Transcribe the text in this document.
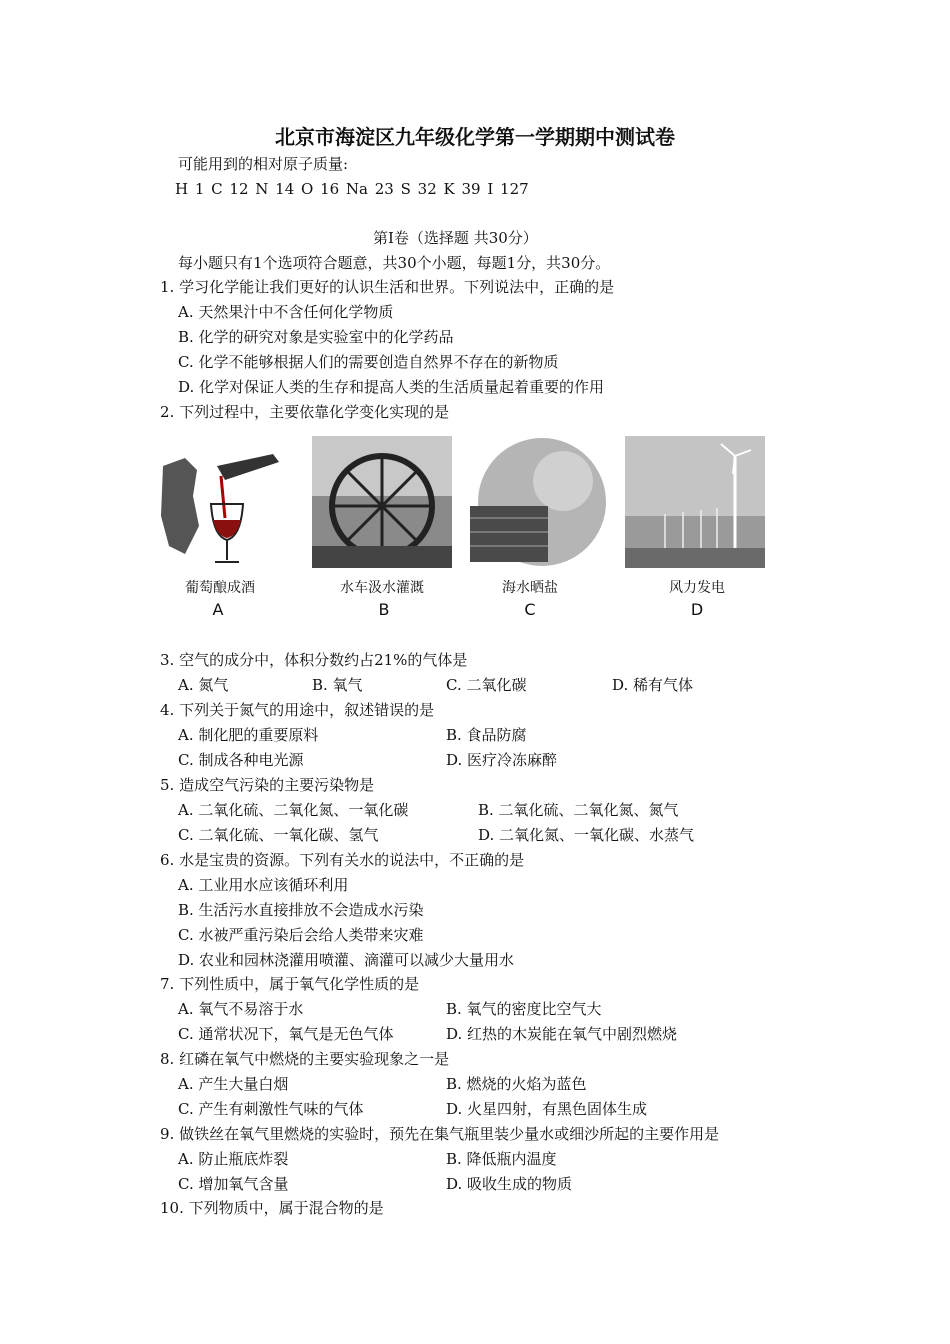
北京市海淀区九年级化学第一学期期中测试卷
可能用到的相对原子质量:
H 1 C 12 N 14 O 16 Na 23 S 32 K 39 I 127
第Ⅰ卷（选择题 共30分）
每小题只有1个选项符合题意，共30个小题，每题1分，共30分。
1. 学习化学能让我们更好的认识生活和世界。下列说法中，正确的是
A. 天然果汁中不含任何化学物质
B. 化学的研究对象是实验室中的化学药品
C. 化学不能够根据人们的需要创造自然界不存在的新物质
D. 化学对保证人类的生存和提高人类的生活质量起着重要的作用
2. 下列过程中，主要依靠化学变化实现的是
葡萄酿成酒
A
水车汲水灌溉
B
海水晒盐
C
风力发电
D
3. 空气的成分中，体积分数约占21%的气体是
A. 氮气	B. 氧气	C. 二氧化碳	D. 稀有气体
4. 下列关于氮气的用途中，叙述错误的是
A. 制化肥的重要原料	B. 食品防腐
C. 制成各种电光源	D. 医疗冷冻麻醉
5. 造成空气污染的主要污染物是
A. 二氧化硫、二氧化氮、一氧化碳	B. 二氧化硫、二氧化氮、氮气
C. 二氧化硫、一氧化碳、氢气	D. 二氧化氮、一氧化碳、水蒸气
6. 水是宝贵的资源。下列有关水的说法中，不正确的是
A. 工业用水应该循环利用
B. 生活污水直接排放不会造成水污染
C. 水被严重污染后会给人类带来灾难
D. 农业和园林浇灌用喷灌、滴灌可以减少大量用水
7. 下列性质中，属于氧气化学性质的是
A. 氧气不易溶于水	B. 氧气的密度比空气大
C. 通常状况下，氧气是无色气体	D. 红热的木炭能在氧气中剧烈燃烧
8. 红磷在氧气中燃烧的主要实验现象之一是
A. 产生大量白烟	B. 燃烧的火焰为蓝色
C. 产生有刺激性气味的气体	D. 火星四射，有黑色固体生成
9. 做铁丝在氧气里燃烧的实验时，预先在集气瓶里装少量水或细沙所起的主要作用是
A. 防止瓶底炸裂	B. 降低瓶内温度
C. 增加氧气含量	D. 吸收生成的物质
10. 下列物质中，属于混合物的是
